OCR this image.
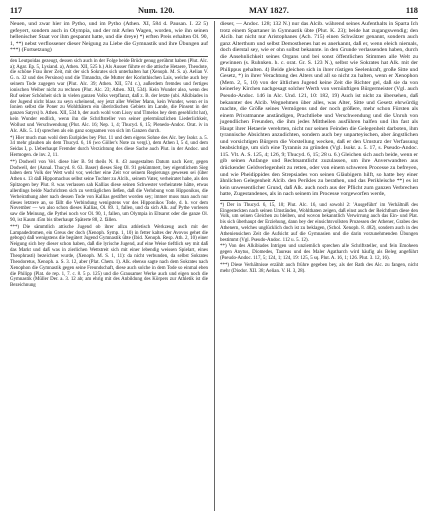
117	Num. 120.	MAY 1827.	118

Neuen, und zwar hier im Pytho, und im Pytho (Athen. XI, 584 d. Pausan. I. 22 5) gefeyert, sondern auch in Olympia, und der mit Arlen Wagen, worden, wie ihn seinen hellenischer Staat vor ihm gespannt hatte, und die dreye) *) erften Preis erhalten Ol. 90, 1, **) nebst verflossener dieser Neigung zu Liebe die Gymnastik und ihre Übungen auf ***) (Fortsetzung)

den Leutpoidas gezeugt, dessen sich auch in der Folge beide Brüdr genug gerühmt haben (Plut. Alc. a); Agar. Ep. 5, Lysiand. a), Athen. XII, 525 b.) Als Ausser führte er die attische Hetaere, Theodote, die schöne Frau ihrer Zeit, mit der sich Sokrates sich unterhalten hat (Xenoph. M. S. a). Aelian V. G. n. 32 und des Persinos) und die Timandra, die Mutter der Korinthischen Lais, welche auch bey seinem Tode zugegen war (Plut. Alc. 39; Athen. XII, 574 c.), außerdem fremdes und fertiges ionischen Weiber nicht zu rechnen (Plut. Alc. 23; Athen. XII, 534). Kein Wunder also, wenn des Ruf seiner Schönheit sich in vielen ganzen Volks verpflanzt, daß z. B. der letzte (ubi. Alkibiades in der Jugend nicht blass zu seyn scheinend, sey jetzt aller Weiber Mann, kein Wunder, wenn er in Ionien selbst die Poner zu Wohlthätern ein überirdischen Gebiets im Lande, die Pinsent in der ganzen Satyrs) b. Athen. XII, 534 b, der auch wohl vom Lissy und Timelos bey dem gesehlicht hat), kein Wunder endlich, wenn ihn die Schriftsteller von seiner gelermünzlichen Liederlichkeit, Wollust und Verschwendung (Plut. Alc. 16; Nep. 1, 4; Thucyd. 6, 15; Plenedo-Andoc. Orat. iv in Alc. Alk. 5. 14) sprechen als ein ganz sorgsamen von sich im Ganzen durch.

*) Hier much man wohl dem Euripides bey Plut. 11 und dem eigens Sohne des Alc. bey Isokr. a. 5. 34 mehr glauben als dem Thucyd. 6, 16 (wo Göller's Note zu vergl.), dem Athen I, 5 d, und dem Seidas I, p. Ueberhaupt Fremder durch Verzichtung des diese Sache auch Plut. in der Andoc. und Hermogen. de inv. 2, 11.

**) Dodwell von Vel. diese hier B. 94 theils N. 8. 43 ausgestalten Datum nach Kerr, gegen Dodwell, der (Annal. Thucyd. 8. 63. Baser) dieses Sieg Ol. 91 gekümmert, bey eigentlichem Sieg haben dem Volk der Wett wohl vor, welcher eine Zeit vor seinem Regierungs gewesen sei (über Athen s. 13 daß Hippomachus selbst seine Tochter zu Alcib., seinem Vater, verheiratet habe, als den Spitzogen bey Plut. 8. was verlassen sah Kallias diese seinen Schwester verheiratete hätte, etwas allerdings beide Nachrichten sich zu verträglichen ließen, daß die Verlobung vom Hipponikos, die Verheirathung aber nach dessen Tode von Kallias gestiftet worden sey; immer muss man auch nur dieses letztere an, so fällt die Verbindung wenigstens vor des Hipponikos Tode, d. h. vor dem November — wo also schon dieses Kallias, Ol. 89. 1, fallen, und da sich Alk. auf Pythe vorlesen saw die Meinung, die Pythei noch vor Ol. 90, 1, fallen, um Olympia in Eltsarot oder die ganze Ol. 90, ist Kaum 45m bis tiberhaupt Späterte 88, 2. fällen.

***) Die sämmtlich attische Jugend ob ihrer allzu athletisch Werkzeug auch mit der Lampadedromen, ein Greus der doch (Xenoph. Symp. 1, 10) in fetter kaltes der Avovos gehet die gebogs) daß wenigstens die begütert Jugend Gymnastik übte (Ibid. Xenoph. Resp. Ath. 2, 10) einer Neigung sich bey dieser schon haben, daß die lyrische Jugend, auf eine Weise tieftlich sey mit daß das Markt und daß was in zierlichen Wettstreit sich mit einer lebendig weissen Spielart, eines Theophrasti) bezeichnet wurde, (Xenoph. M. S. 1, 11): da nicht verbunden, da selbst Sokrates Theodoretus, Xenoph. a. S. 3. 12, aber (Plat. Chem. 1). Alk. ebenso sagte nach dem Sokrates nach Xenophon die Gymnastik gegen seine Freundschaft, diese auch solche in dem Tode so einmal eben die Philipp (Plat. de rep. 1, 7. c. 8. 5 p. 125) und die Grausamer Werke auch und eigen noch die Gymnastik (Müller Der. a. 3. 12 ab; am ehrig mit des Anbildung des Körpers zur Athletik ist die Bezeichnung

dieser, — Andoc. 128; 132 N.) nur das Alcib. während seines Aufenthalts in Sparta Ich trotz einem Spartaner in Gymnastik übte (Plut. K. 23); beide hat zugangswendig; den Alcib. hat nicht nur Aristophanes (Ach. 715) einen Schwätzer genannt, sondern auch ganz Alterthum und selbst Demosthenes hat es anerkannt, daß er, wenn eleich niemals, doch dierstal sey, wie er ohn solbst bekannte. in den Grunde verlassenden haben, durch die Ansehnlichkeit seines Organs und bei sonst öffentlichen Stimmen alle Welt zu gewinnen (s. Ruhnken. h. c. orat. Gr. S. 123 N.), selbst wie Sokrates hat Alk. mit der Philippus gehalten. 4) Beide gleichen sich in ihrer rüstigen Seelenkraft, große Sitte und Gesetz, *) in ihrer Verachtung des Alters und all so nicht zu halten, wenn er Xenophon (Mem. 2, 5, 10) von der ältlichen Jugend keine Zeit die Richter gel, daß sie da von keinerley Kirchen nachgesagt solcher Werth von vernünftigen Bürgermeister (Vgl. auch Pseudo-Andoc. 146 in Alc. Und. 121, 10: 182, 19) Auch ist nicht zu übersehen, daß bekannter des Alcib. Wegnehmen über alles, was Alter, Sitte und Gesetz ehrwürdig machte, die Größe seines Vermögens und der noch größere, mehr schon Fürsten als einem Privatmanne anständigen, Prachtliebe und Verschwendung und die Unruh von jugendlichen Freunden, die ihm jedes Mittheilen ausführen halfen und ihn fast als Haupt ihrer Hetaerie verehrten, nicht nur seinen Feinden die Gelegenheit darboten, ihm tyrannische Absichten anzudichten, sondern auch bey unparteyischen, aber ängstlichen und vorsichtigen Bürgern die Vorstellung wecken, daß er den Umsturz der Verfassung beabsichtige, um sich eine Tyrannis zu gründen (Vgl. Isokr. a. 5. 17, s. Pseudo-Andoc. 115. Vlt. A. S. 125, 4; 126, 9; Thucyd. 6, 15; 28 u. 6.) Gleichen sich auch beide, wenn er gib seinen Anfange und Rechtsamtlicht zuzulassen, um ihre Anverwandten aus drückender Geldverlegenheit zu retten, oder von einem schweren Processe zu befreyen, und wie Pheidippides den Strepsiades von seinen Gläubigern hilft, so hatte bey einer ähnlichen Gelegenheit Alcib. den Perikles zu berathen, und das Perikleische **) es ist kein unwesentlicher Grund, daß Alk. auch noch aus der Pflicht zum ganzen Verbrechen hatte, Zugestandenes, als in nach seinem im Processe vorgeworfen werde,

*) Der in Thucyd. 6, 15, 10; Plut. Alc. 16, und sowohl 2: 'Ausgeführt' im Verhältniß des Eingesteckten nach seinen Umständen, Wohlthaten zeigen, daß einst auch der Reichthum diese den Volk, um seinen Gleichen zu bleiben, und wovon bekanntlich Verwirrung auch das Ein- und Plat. bis sich überhaupt der Erziehung, dann bey der einsichtsvollsten Prozessen der Athener, Grabes des Athenern, welches unglücklich doch ist zu beklagen, (Schol. Xenoph. 8. 482), sondern auch in des Atheniensichen Zeit die Aufsicht auf die Gymnasien und die darin vorzunehmenden Übungen bestimmt (Vgl. Pseudo-Andoc. 112 u. 5. 12).

**) Von des Alkibiades Intrigen und unziemlich sprechen alle Schriftsteller, und fein Emoheen gegen Anytus, Diomedes, Taureas und des Maler Agatharch wird häufig als Beleg angeführt (Pseudo-Andoc. 117, 5; 124, 1; 124, 19: 125, 5 sq. Plut. A. 16, 1; 126. Plut. 3. 12, 16).

***) Diese Verhältnisse erzählt auch frühre gegeben bey, als der Rath des Alc. zu fangen, nicht mehr (Diodor. XII. 38; Aelian. V. H. 3, 28).
